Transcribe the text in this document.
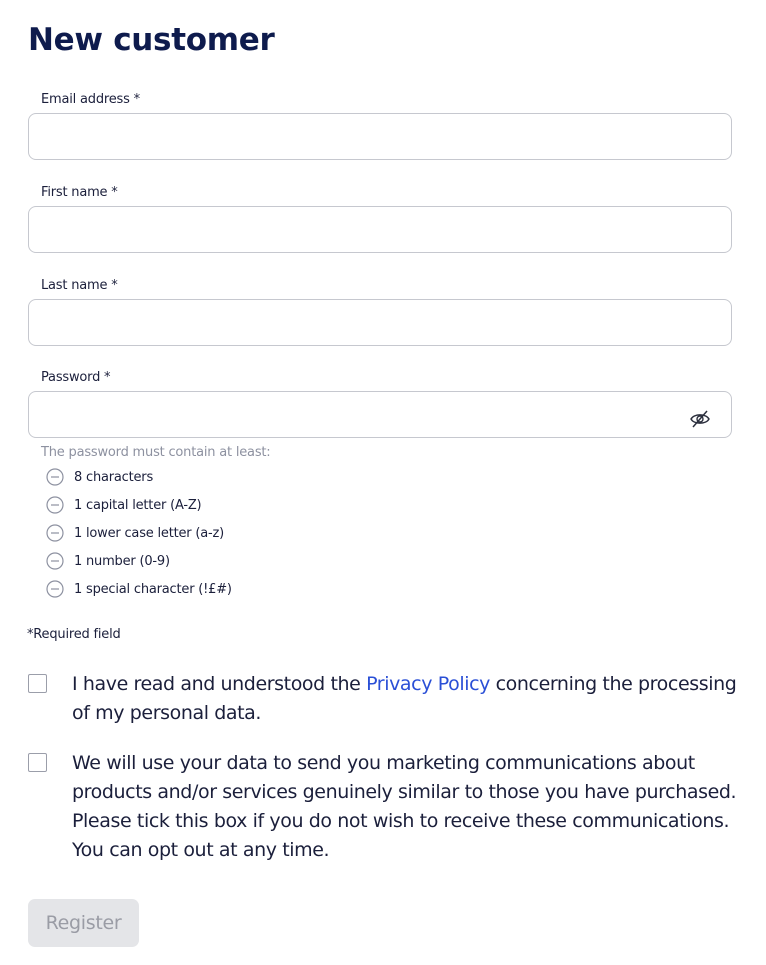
New customer
Email address *
First name *
Last name *
Password *
The password must contain at least:
8 characters
1 capital letter (A-Z)
1 lower case letter (a-z)
1 number (0-9)
1 special character (!£#)
*Required field
I have read and understood the Privacy Policy concerning the processing of my personal data.
We will use your data to send you marketing communications about products and/or services genuinely similar to those you have purchased. Please tick this box if you do not wish to receive these communications. You can opt out at any time.
Register
